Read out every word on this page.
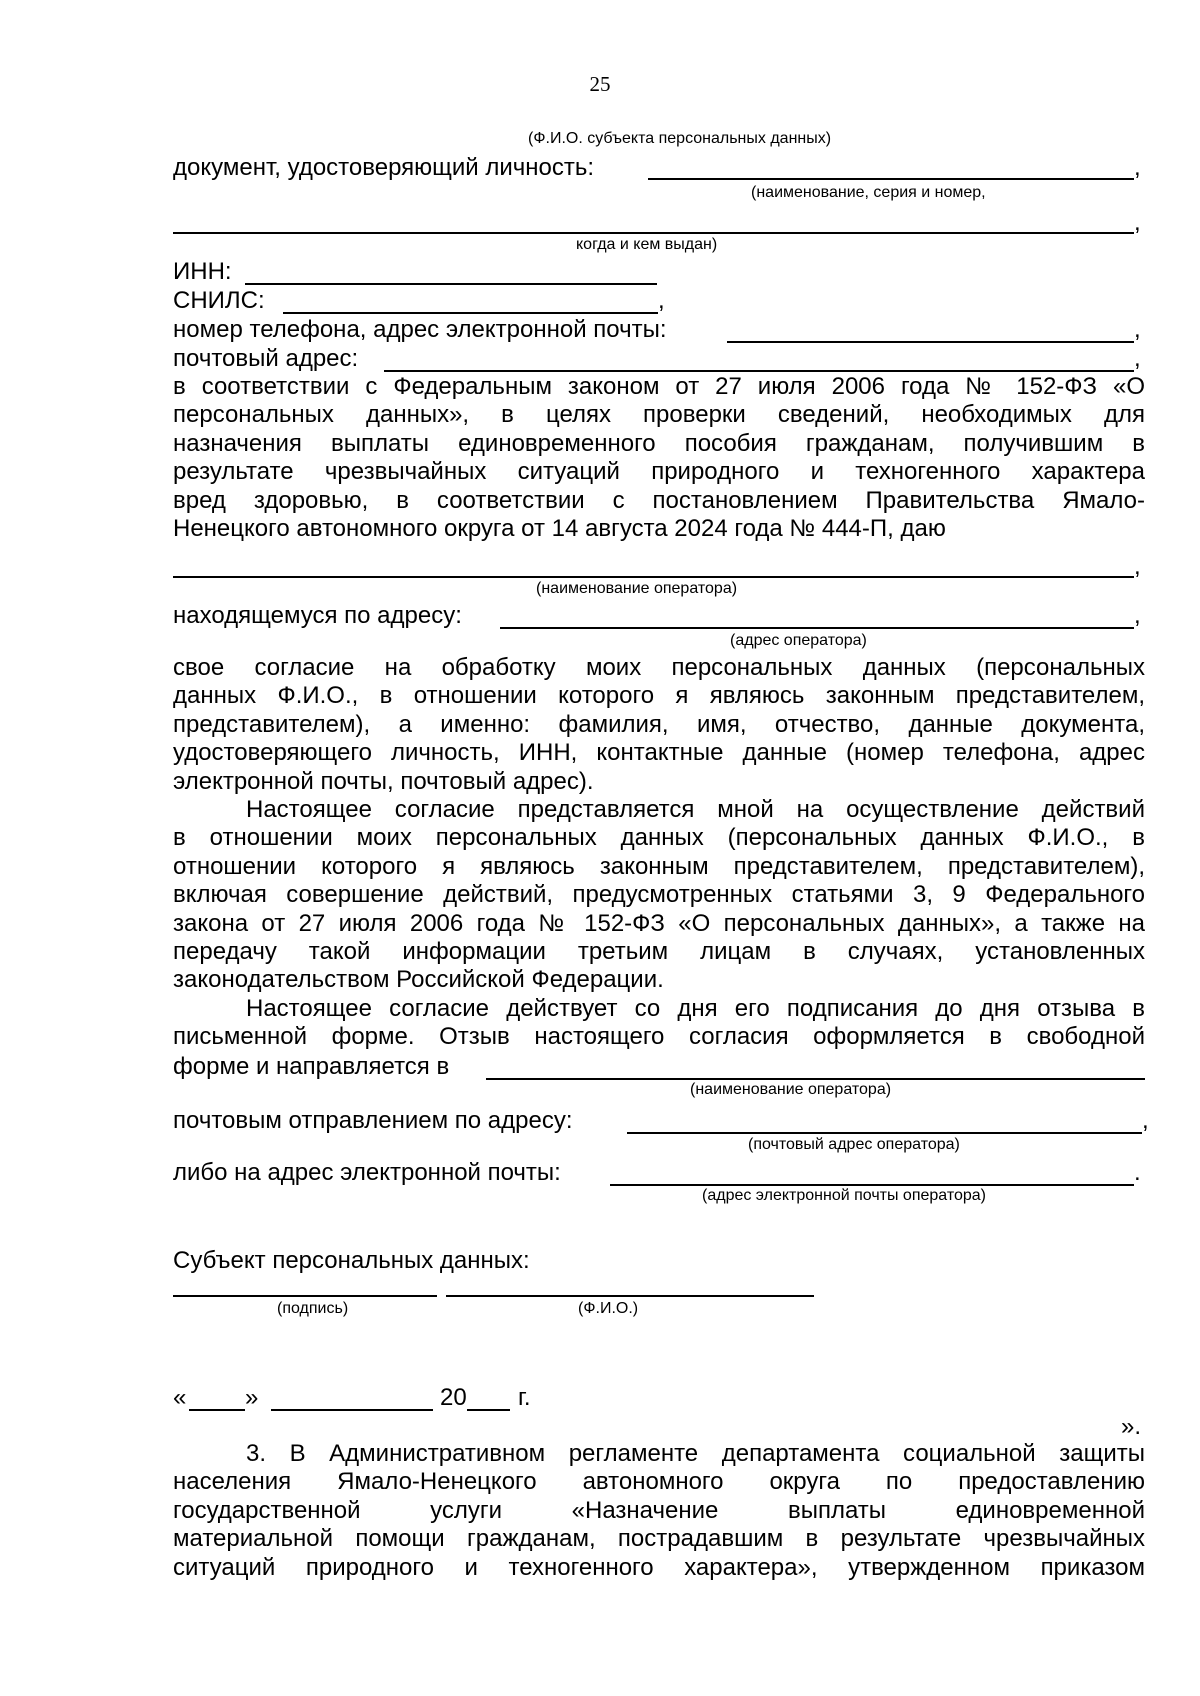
25
(Ф.И.О. субъекта персональных данных)
документ, удостоверяющий личность:	,
(наименование, серия и номер,
,
когда и кем выдан)
ИНН:
СНИЛС:	,
номер телефона, адрес электронной почты:	,
почтовый адрес:	,
в соответствии с Федеральным законом от 27 июля 2006 года № 152-ФЗ «О
персональных данных», в целях проверки сведений, необходимых для
назначения выплаты единовременного пособия гражданам, получившим в
результате чрезвычайных ситуаций природного и техногенного характера
вред здоровью, в соответствии с постановлением Правительства Ямало-
Ненецкого автономного округа от 14 августа 2024 года № 444-П, даю
,
(наименование оператора)
находящемуся по адресу:	,
(адрес оператора)
свое согласие на обработку моих персональных данных (персональных
данных Ф.И.О., в отношении которого я являюсь законным представителем,
представителем), а именно: фамилия, имя, отчество, данные документа,
удостоверяющего личность, ИНН, контактные данные (номер телефона, адрес
электронной почты, почтовый адрес).
Настоящее согласие представляется мной на осуществление действий
в отношении моих персональных данных (персональных данных Ф.И.О., в
отношении которого я являюсь законным представителем, представителем),
включая совершение действий, предусмотренных статьями 3, 9 Федерального
закона от 27 июля 2006 года № 152-ФЗ «О персональных данных», а также на
передачу такой информации третьим лицам в случаях, установленных
законодательством Российской Федерации.
Настоящее согласие действует со дня его подписания до дня отзыва в
письменной форме. Отзыв настоящего согласия оформляется в свободной
форме и направляется в
(наименование оператора)
почтовым отправлением по адресу:	,
(почтовый адрес оператора)
либо на адрес электронной почты:	.
(адрес электронной почты оператора)
Субъект персональных данных:
(подпись)	(Ф.И.О.)
« »	20 г.
».
3. В Административном регламенте департамента социальной защиты
населения Ямало-Ненецкого автономного округа по предоставлению
государственной услуги «Назначение выплаты единовременной
материальной помощи гражданам, пострадавшим в результате чрезвычайных
ситуаций природного и техногенного характера», утвержденном приказом
